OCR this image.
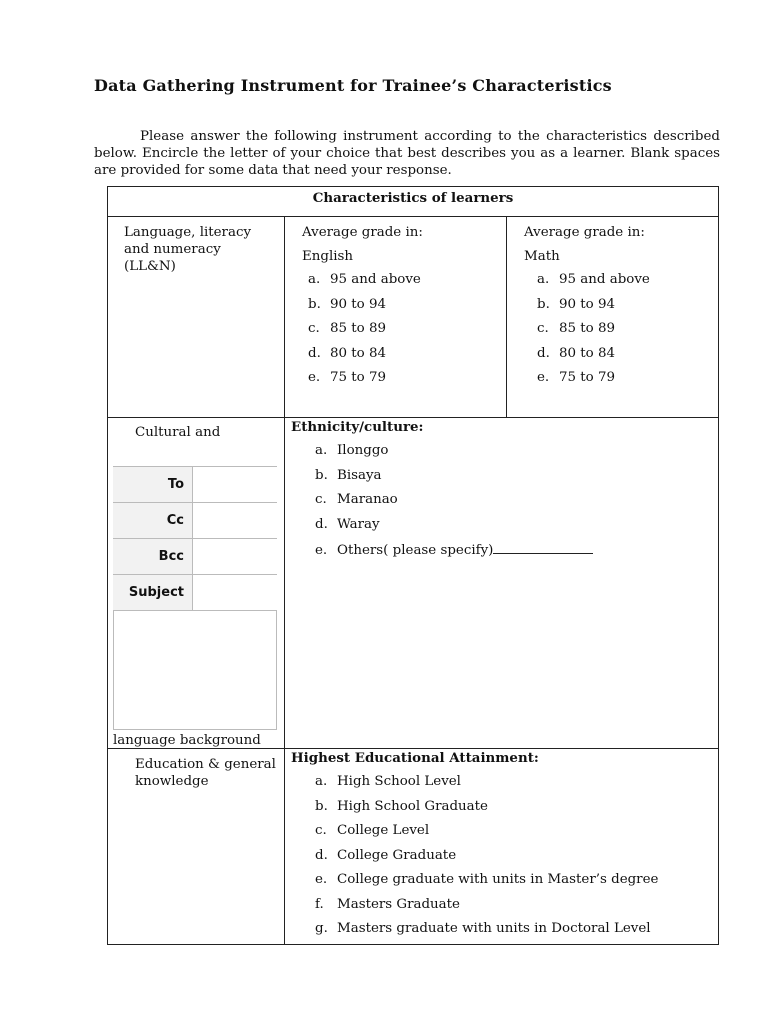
Data Gathering Instrument for Trainee’s Characteristics
Please answer the following instrument according to the characteristics described below. Encircle the letter of your choice that best describes you as a learner. Blank spaces are provided for some data that need your response.
Characteristics of learners
Language, literacy and numeracy (LL&N)
Average grade in:
English
a. 95 and above
b. 90 to 94
c. 85 to 89
d. 80 to 84
e. 75 to 79
Average grade in:
Math
a. 95 and above
b. 90 to 94
c. 85 to 89
d. 80 to 84
e. 75 to 79
Cultural and
To
Cc
Bcc
Subject
language background
Ethnicity/culture:
a. Ilonggo
b. Bisaya
c. Maranao
d. Waray
e. Others( please specify)
Education & general knowledge
Highest Educational Attainment:
a. High School Level
b. High School Graduate
c. College Level
d. College Graduate
e. College graduate with units in Master’s degree
f. Masters Graduate
g. Masters graduate with units in Doctoral Level
